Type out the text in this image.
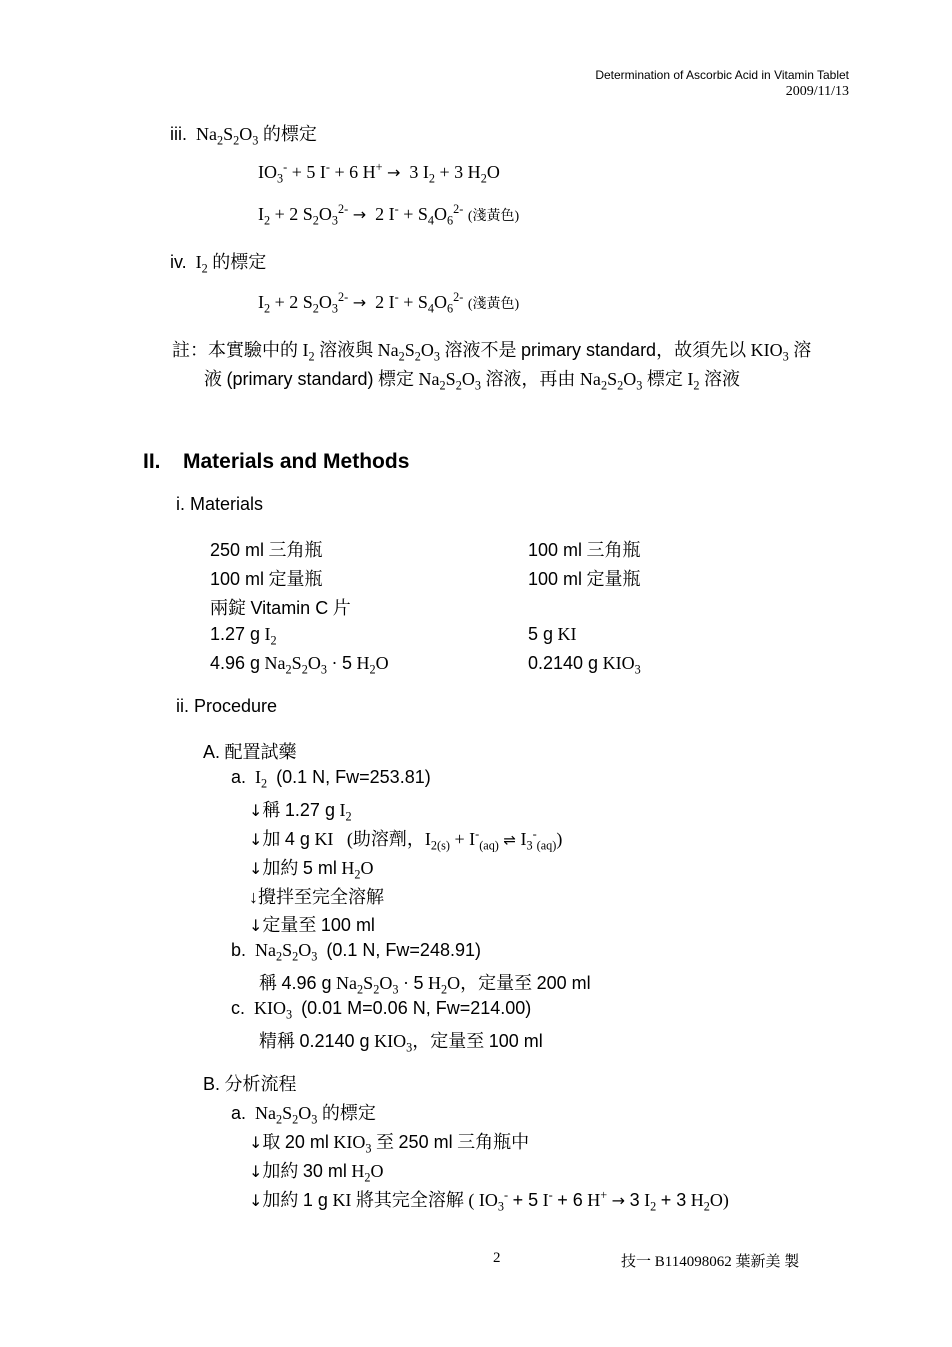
Determination of Ascorbic Acid in Vitamin Tablet
2009/11/13
iii.  $Na_2S_2O_3$ 的標定
$IO_3^- + 5$ I- + 6 H+ →  3 $I_2 + 3$ $H_2O$
$I_2 + 2$ $S_2O_3^{2-} \to 2$ $I^- + S_4O_6^{2-}$ (淺黃色)
iv.  $I_2$ 的標定
$I_2 + 2$ $S_2O_3^{2-} \to 2$ $I^- + S_4O_6^{2-}$ (淺黃色)
註：本實驗中的 $I_2$ 溶液與 $Na_2S_2O_3$ 溶液不是 primary standard，故須先以 $KIO_3$ 溶
液 (primary standard) 標定 $Na_2S_2O_3$ 溶液，再由 $Na_2S_2O_3$ 標定 $I_2$ 溶液
II. Materials and Methods
i. Materials
250 ml 三角瓶	100 ml 三角瓶
100 ml 定量瓶	100 ml 定量瓶
兩錠 Vitamin C 片
1.27 g $I_2$	5 g KI
4.96 g $Na_2S_2O_3 \cdot 5$ $H_2O$	0.2140 g $KIO_3$
ii. Procedure
A. 配置試藥
a.  $I_2$ (0.1 N, Fw=253.81)
↓稱 1.27 g $I_2$
↓加 4 g KI   (助溶劑，$I_{2(s)} + I^-_{(aq)}$ ⇌ $I_3^-_{(aq)}$)
↓加約 5 ml $H_2O$
↓攪拌至完全溶解
↓定量至 100 ml
b.  $Na_2S_2O_3$ (0.1 N, Fw=248.91)
稱 4.96 g $Na_2S_2O_3 \cdot 5$ $H_2O$，定量至 200 ml
c.  $KIO_3$ (0.01 M=0.06 N, Fw=214.00)
精稱 0.2140 g $KIO_3$，定量至 100 ml
B. 分析流程
a.  $Na_2S_2O_3$ 的標定
↓取 20 ml $KIO_3$ 至 250 ml 三角瓶中
↓加約 30 ml $H_2O$
↓加約 1 g KI 將其完全溶解 ( $IO_3^- + 5$ I- + 6 H+ → 3 $I_2 + 3$ $H_2O$)
2	技一 B114098062 葉新美 製
